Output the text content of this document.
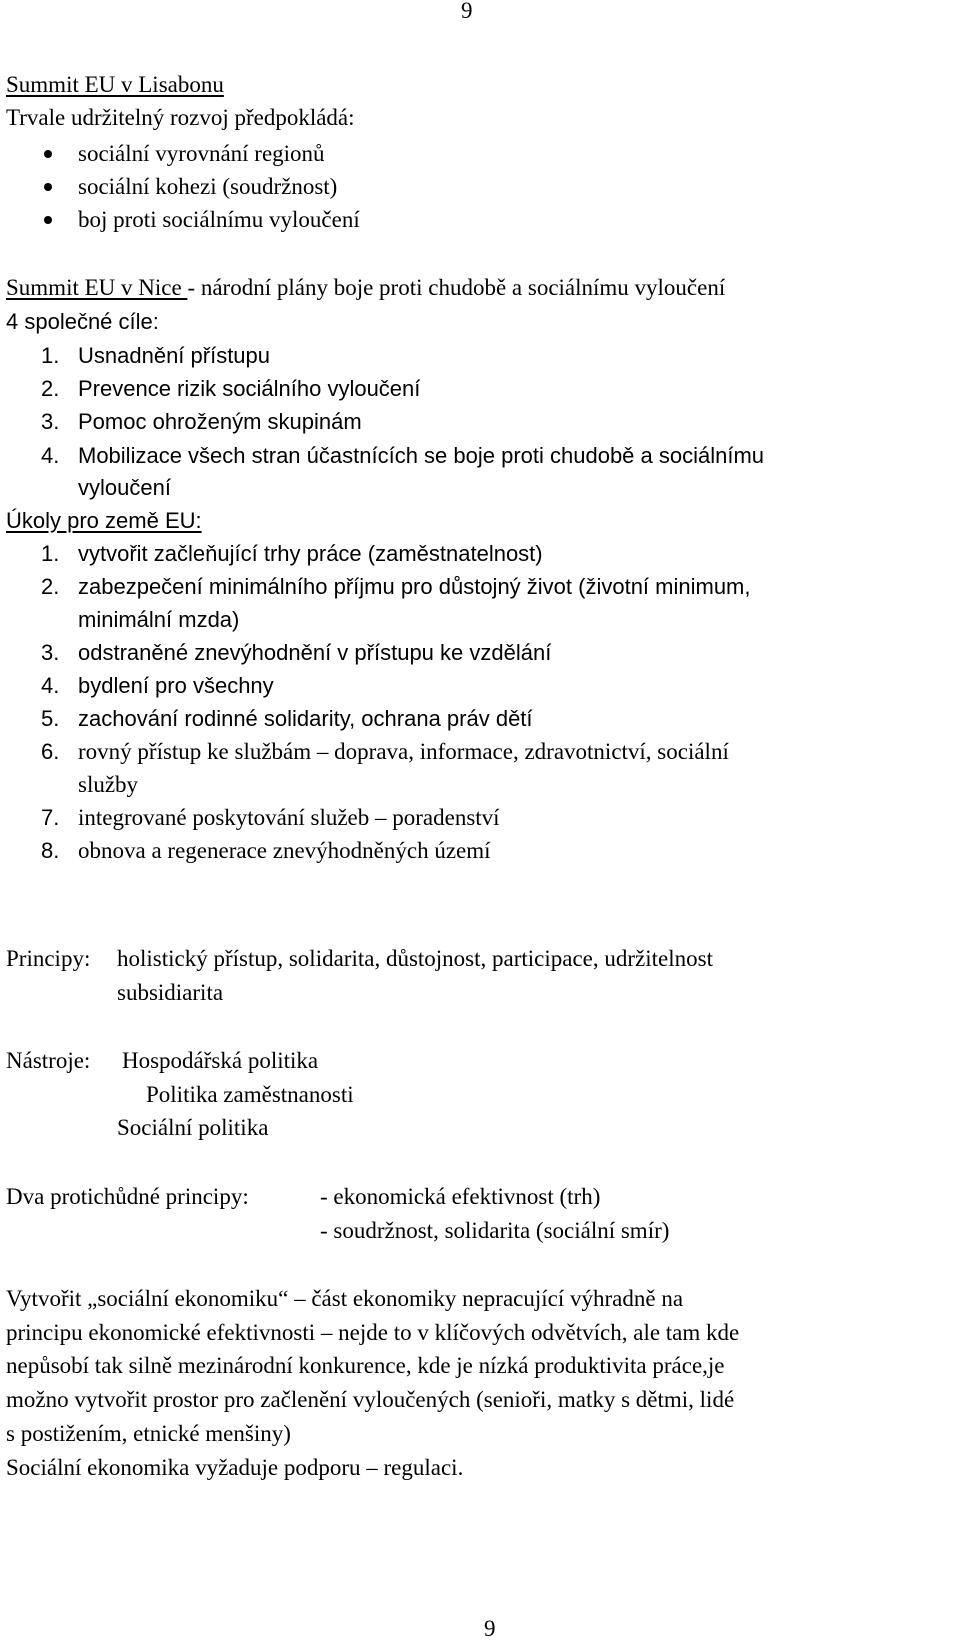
9
Summit EU v Lisabonu
Trvale udržitelný rozvoj předpokládá:
sociální vyrovnání regionů
sociální kohezi (soudržnost)
boj proti sociálnímu vyloučení
Summit EU v Nice - národní plány boje proti chudobě a sociálnímu vyloučení
4 společné cíle:
1. Usnadnění přístupu
2. Prevence rizik sociálního vyloučení
3. Pomoc ohroženým skupinám
4. Mobilizace všech stran účastnících se boje proti chudobě a sociálnímu
vyloučení
Úkoly pro země EU:
1. vytvořit začleňující trhy práce (zaměstnatelnost)
2. zabezpečení minimálního příjmu pro důstojný život (životní minimum,
minimální mzda)
3. odstraněné znevýhodnění v přístupu ke vzdělání
4. bydlení pro všechny
5. zachování rodinné solidarity, ochrana práv dětí
6. rovný přístup ke službám – doprava, informace, zdravotnictví, sociální
služby
7. integrované poskytování služeb – poradenství
8. obnova a regenerace znevýhodněných území
Principy: holistický přístup, solidarita, důstojnost, participace, udržitelnost
subsidiarita
Nástroje: Hospodářská politika
Politika zaměstnanosti
Sociální politika
Dva protichůdné principy:	- ekonomická efektivnost (trh)
- soudržnost, solidarita (sociální smír)
Vytvořit „sociální ekonomiku“ – část ekonomiky nepracující výhradně na
principu ekonomické efektivnosti – nejde to v klíčových odvětvích, ale tam kde
nepůsobí tak silně mezinárodní konkurence, kde je nízká produktivita práce,je
možno vytvořit prostor pro začlenění vyloučených (senioři, matky s dětmi, lidé
s postižením, etnické menšiny)
Sociální ekonomika vyžaduje podporu – regulaci.
9
